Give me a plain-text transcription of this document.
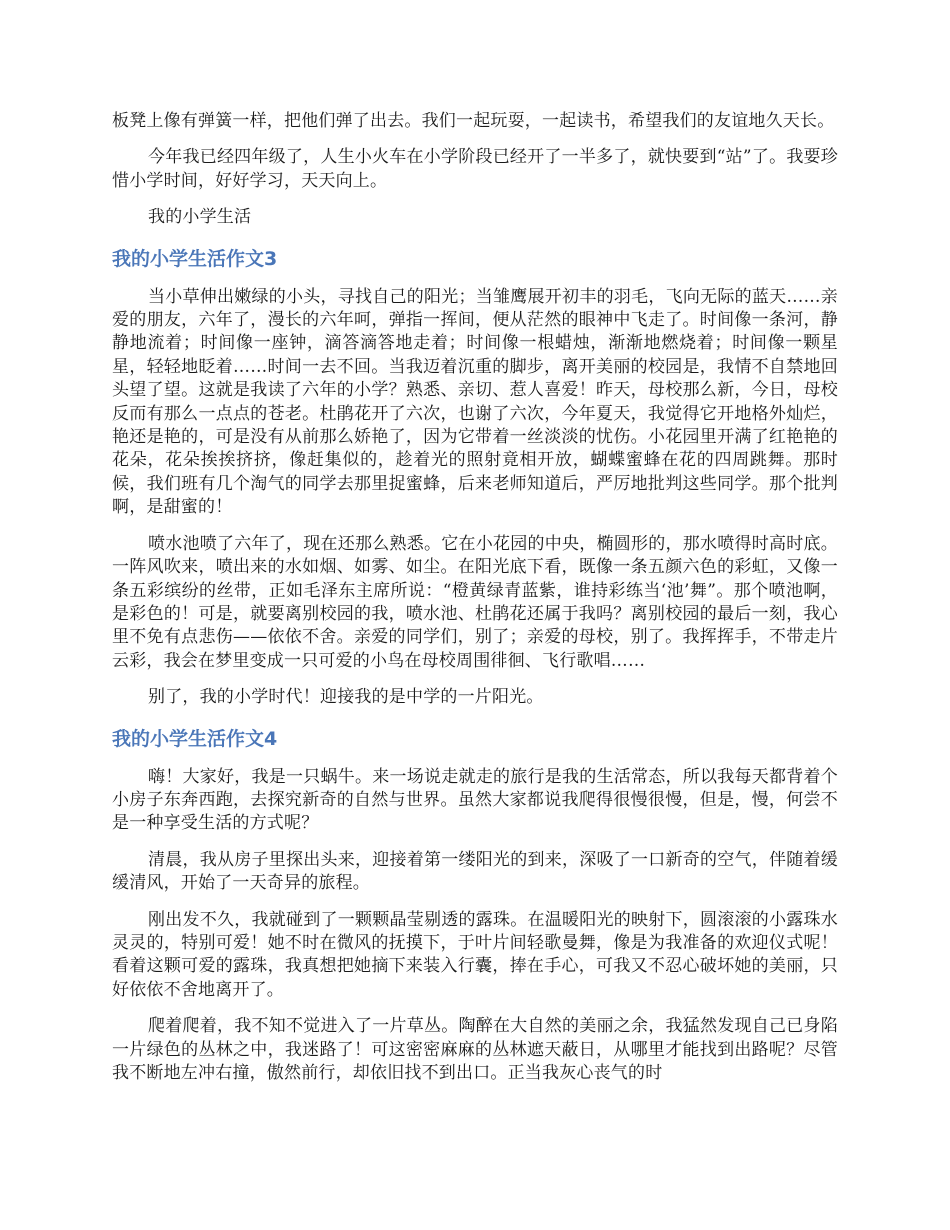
板凳上像有弹簧一样，把他们弹了出去。我们一起玩耍，一起读书，希望我们的友谊地久天长。

今年我已经四年级了，人生小火车在小学阶段已经开了一半多了，就快要到“站”了。我要珍惜小学时间，好好学习，天天向上。

我的小学生活

我的小学生活作文3

当小草伸出嫩绿的小头，寻找自己的阳光；当雏鹰展开初丰的羽毛，飞向无际的蓝天……亲爱的朋友，六年了，漫长的六年呵，弹指一挥间，便从茫然的眼神中飞走了。时间像一条河，静静地流着；时间像一座钟，滴答滴答地走着；时间像一根蜡烛，渐渐地燃烧着；时间像一颗星星，轻轻地眨着……时间一去不回。当我迈着沉重的脚步，离开美丽的校园是，我情不自禁地回头望了望。这就是我读了六年的小学？熟悉、亲切、惹人喜爱！昨天，母校那么新，今日，母校反而有那么一点点的苍老。杜鹃花开了六次，也谢了六次，今年夏天，我觉得它开地格外灿烂，艳还是艳的，可是没有从前那么娇艳了，因为它带着一丝淡淡的忧伤。小花园里开满了红艳艳的花朵，花朵挨挨挤挤，像赶集似的，趁着光的照射竟相开放，蝴蝶蜜蜂在花的四周跳舞。那时候，我们班有几个淘气的同学去那里捉蜜蜂，后来老师知道后，严厉地批判这些同学。那个批判啊，是甜蜜的！

喷水池喷了六年了，现在还那么熟悉。它在小花园的中央，椭圆形的，那水喷得时高时底。一阵风吹来，喷出来的水如烟、如雾、如尘。在阳光底下看，既像一条五颜六色的彩虹，又像一条五彩缤纷的丝带，正如毛泽东主席所说：“橙黄绿青蓝紫，谁持彩练当‘池’舞”。那个喷池啊，是彩色的！可是，就要离别校园的我，喷水池、杜鹃花还属于我吗？离别校园的最后一刻，我心里不免有点悲伤——依依不舍。亲爱的同学们，别了；亲爱的母校，别了。我挥挥手，不带走片云彩，我会在梦里变成一只可爱的小鸟在母校周围徘徊、飞行歌唱……

别了，我的小学时代！迎接我的是中学的一片阳光。

我的小学生活作文4

嗨！大家好，我是一只蜗牛。来一场说走就走的旅行是我的生活常态，所以我每天都背着个小房子东奔西跑，去探究新奇的自然与世界。虽然大家都说我爬得很慢很慢，但是，慢，何尝不是一种享受生活的方式呢？

清晨，我从房子里探出头来，迎接着第一缕阳光的到来，深吸了一口新奇的空气，伴随着缓缓清风，开始了一天奇异的旅程。

刚出发不久，我就碰到了一颗颗晶莹剔透的露珠。在温暖阳光的映射下，圆滚滚的小露珠水灵灵的，特别可爱！她不时在微风的抚摸下，于叶片间轻歌曼舞，像是为我准备的欢迎仪式呢！看着这颗可爱的露珠，我真想把她摘下来装入行囊，捧在手心，可我又不忍心破坏她的美丽，只好依依不舍地离开了。

爬着爬着，我不知不觉进入了一片草丛。陶醉在大自然的美丽之余，我猛然发现自己已身陷一片绿色的丛林之中，我迷路了！可这密密麻麻的丛林遮天蔽日，从哪里才能找到出路呢？尽管我不断地左冲右撞，傲然前行，却依旧找不到出口。正当我灰心丧气的时
